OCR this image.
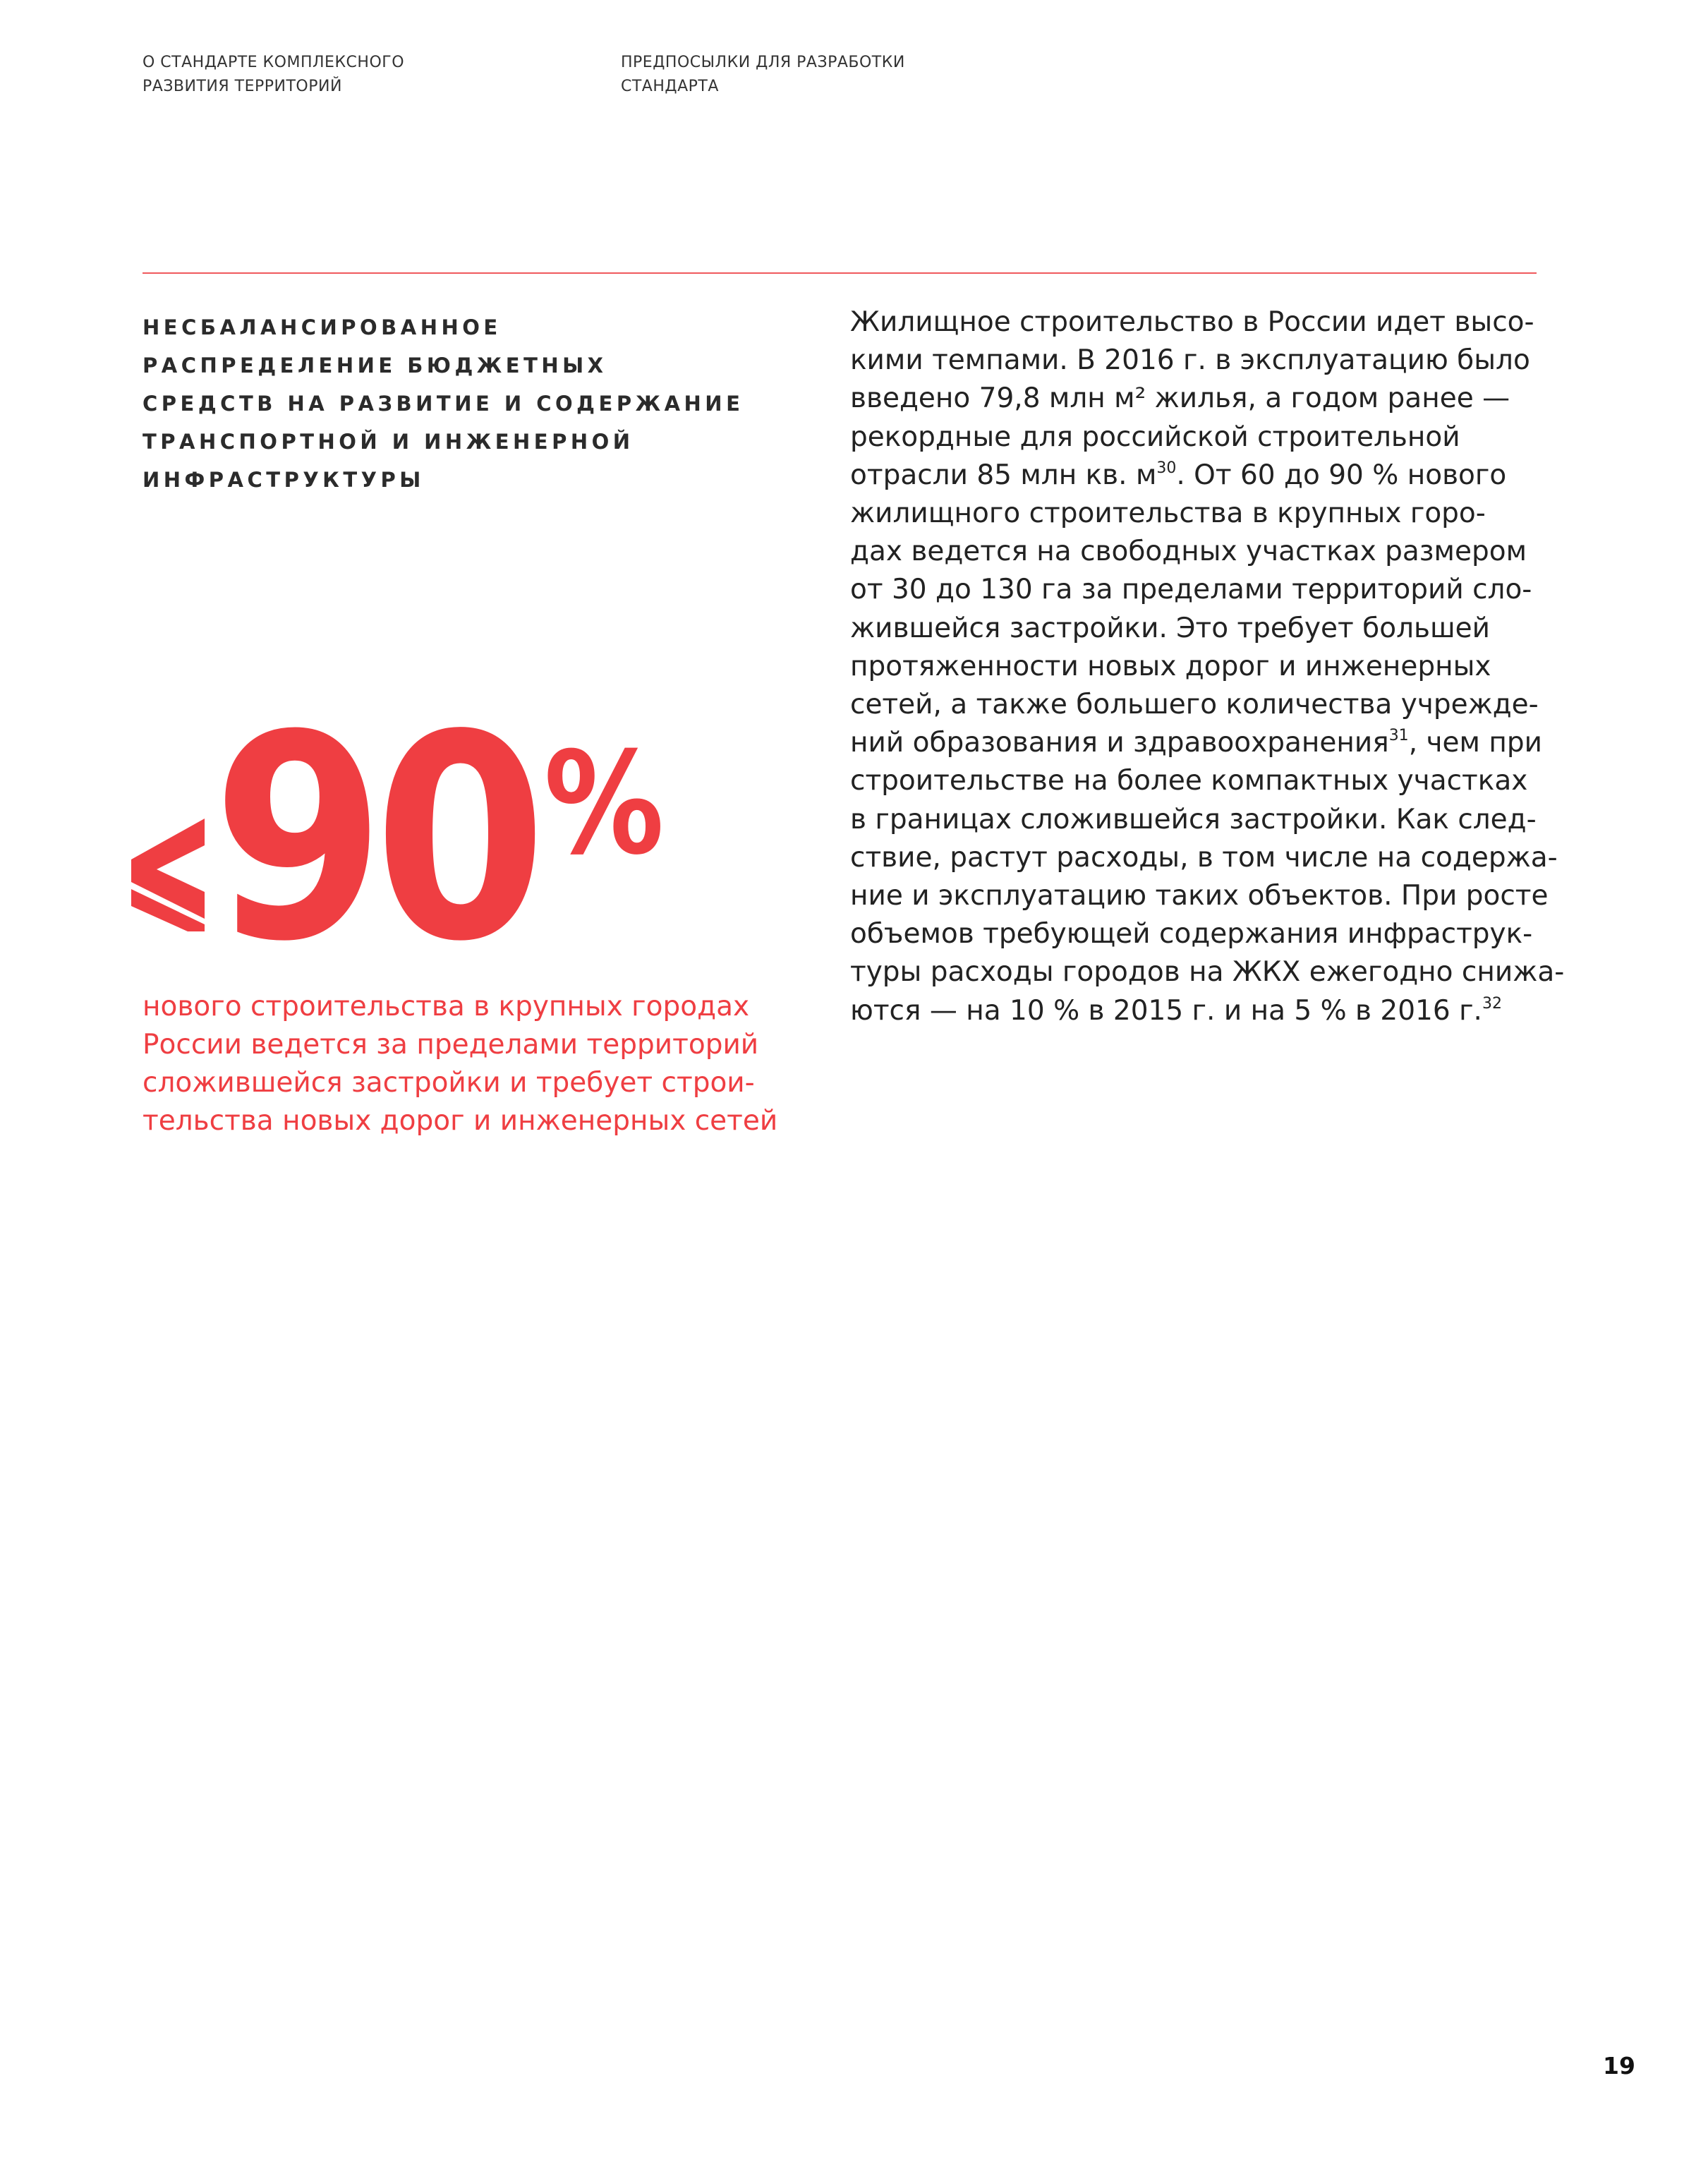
О СТАНДАРТЕ КОМПЛЕКСНОГО
РАЗВИТИЯ ТЕРРИТОРИЙ
ПРЕДПОСЫЛКИ ДЛЯ РАЗРАБОТКИ
СТАНДАРТА
НЕСБАЛАНСИРОВАННОЕ
РАСПРЕДЕЛЕНИЕ БЮДЖЕТНЫХ
СРЕДСТВ НА РАЗВИТИЕ И СОДЕРЖАНИЕ
ТРАНСПОРТНОЙ И ИНЖЕНЕРНОЙ
ИНФРАСТРУКТУРЫ
90 %
нового строительства в крупных городах
России ведется за пределами территорий
сложившейся застройки и требует строи-
тельства новых дорог и инженерных сетей
Жилищное строительство в России идет высо-
кими темпами. В 2016 г. в эксплуатацию было
введено 79,8 млн м² жилья, а годом ранее —
рекордные для российской строительной
отрасли 85 млн кв. $м^{30}$. От 60 до 90 % нового
жилищного строительства в крупных горо-
дах ведется на свободных участках размером
от 30 до 130 га за пределами территорий сло-
жившейся застройки. Это требует большей
протяженности новых дорог и инженерных
сетей, а также большего количества учрежде-
ний образования и здравоохранения$^{31}$, чем при
строительстве на более компактных участках
в границах сложившейся застройки. Как след-
ствие, растут расходы, в том числе на содержа-
ние и эксплуатацию таких объектов. При росте
объемов требующей содержания инфраструк-
туры расходы городов на ЖКХ ежегодно снижа-
ются — на 10 % в 2015 г. и на 5 % в 2016 г.$^{32}$
19
